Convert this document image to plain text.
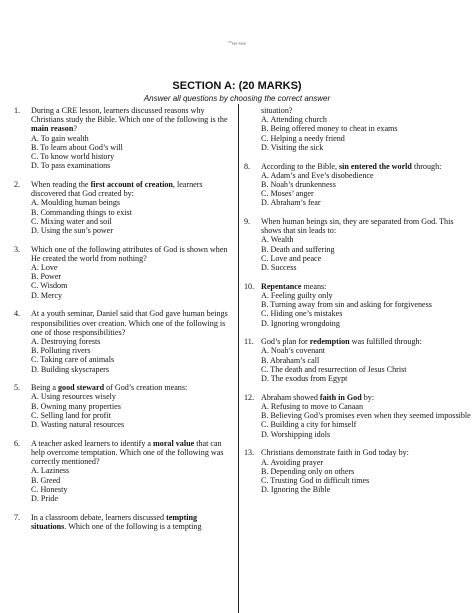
*¹ₓₐₓ ₓₐₓₐ
SECTION A: (20 MARKS)
Answer all questions by choosing the correct answer
1.	During a CRE lesson, learners discussed reasons why Christians study the Bible. Which one of the following is the main reason?
A. To gain wealth
B. To learn about God’s will
C. To know world history
D. To pass examinations
2.	When reading the first account of creation, learners discovered that God created by:
A. Moulding human beings
B. Commanding things to exist
C. Mixing water and soil
D. Using the sun’s power
3.	Which one of the following attributes of God is shown when He created the world from nothing?
A. Love
B. Power
C. Wisdom
D. Mercy
4.	At a youth seminar, Daniel said that God gave human beings responsibilities over creation. Which one of the following is one of those responsibilities?
A. Destroying forests
B. Polluting rivers
C. Taking care of animals
D. Building skyscrapers
5.	Being a good steward of God’s creation means:
A. Using resources wisely
B. Owning many properties
C. Selling land for profit
D. Wasting natural resources
6.	A teacher asked learners to identify a moral value that can help overcome temptation. Which one of the following was correctly mentioned?
A. Laziness
B. Greed
C. Honesty
D. Pride
7.	In a classroom debate, learners discussed tempting situations. Which one of the following is a tempting
situation?
A. Attending church
B. Being offered money to cheat in exams
C. Helping a needy friend
D. Visiting the sick
8.	According to the Bible, sin entered the world through:
A. Adam’s and Eve’s disobedience
B. Noah’s drunkenness
C. Moses’ anger
D. Abraham’s fear
9.	When human beings sin, they are separated from God. This shows that sin leads to:
A. Wealth
B. Death and suffering
C. Love and peace
D. Success
10. Repentance means:
A. Feeling guilty only
B. Turning away from sin and asking for forgiveness
C. Hiding one’s mistakes
D. Ignoring wrongdoing
11. God’s plan for redemption was fulfilled through:
A. Noah’s covenant
B. Abraham’s call
C. The death and resurrection of Jesus Christ
D. The exodus from Egypt
12. Abraham showed faith in God by:
A. Refusing to move to Canaan
B. Believing God’s promises even when they seemed impossible
C. Building a city for himself
D. Worshipping idols
13. Christians demonstrate faith in God today by:
A. Avoiding prayer
B. Depending only on others
C. Trusting God in difficult times
D. Ignoring the Bible
